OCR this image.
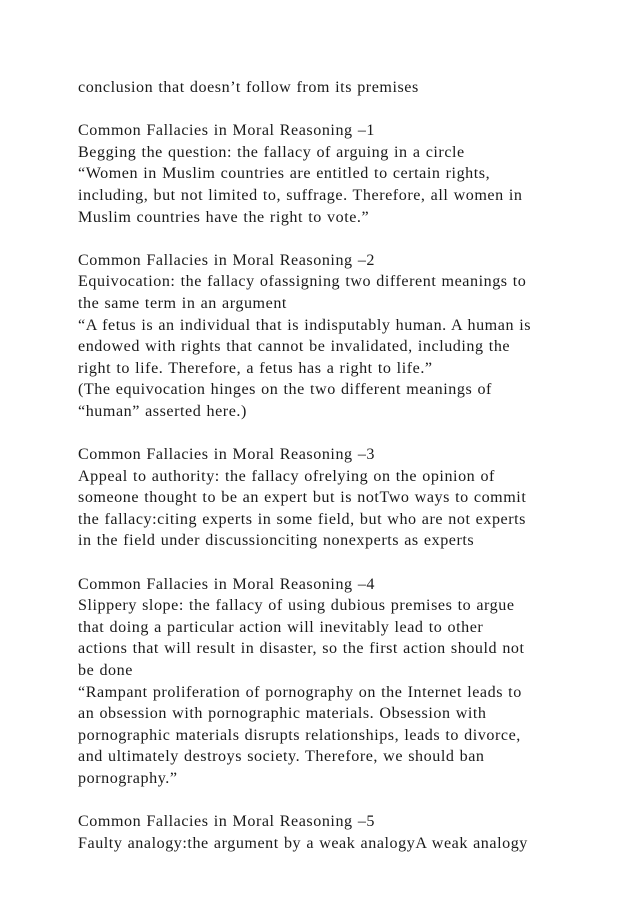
conclusion that doesn’t follow from its premises
Common Fallacies in Moral Reasoning –1
Begging the question: the fallacy of arguing in a circle
“Women in Muslim countries are entitled to certain rights,
including, but not limited to, suffrage. Therefore, all women in
Muslim countries have the right to vote.”
Common Fallacies in Moral Reasoning –2
Equivocation: the fallacy ofassigning two different meanings to
the same term in an argument
“A fetus is an individual that is indisputably human. A human is
endowed with rights that cannot be invalidated, including the
right to life. Therefore, a fetus has a right to life.”
(The equivocation hinges on the two different meanings of
“human” asserted here.)
Common Fallacies in Moral Reasoning –3
Appeal to authority: the fallacy ofrelying on the opinion of
someone thought to be an expert but is notTwo ways to commit
the fallacy:citing experts in some field, but who are not experts
in the field under discussionciting nonexperts as experts
Common Fallacies in Moral Reasoning –4
Slippery slope: the fallacy of using dubious premises to argue
that doing a particular action will inevitably lead to other
actions that will result in disaster, so the first action should not
be done
“Rampant proliferation of pornography on the Internet leads to
an obsession with pornographic materials. Obsession with
pornographic materials disrupts relationships, leads to divorce,
and ultimately destroys society. Therefore, we should ban
pornography.”
Common Fallacies in Moral Reasoning –5
Faulty analogy:the argument by a weak analogyA weak analogy
